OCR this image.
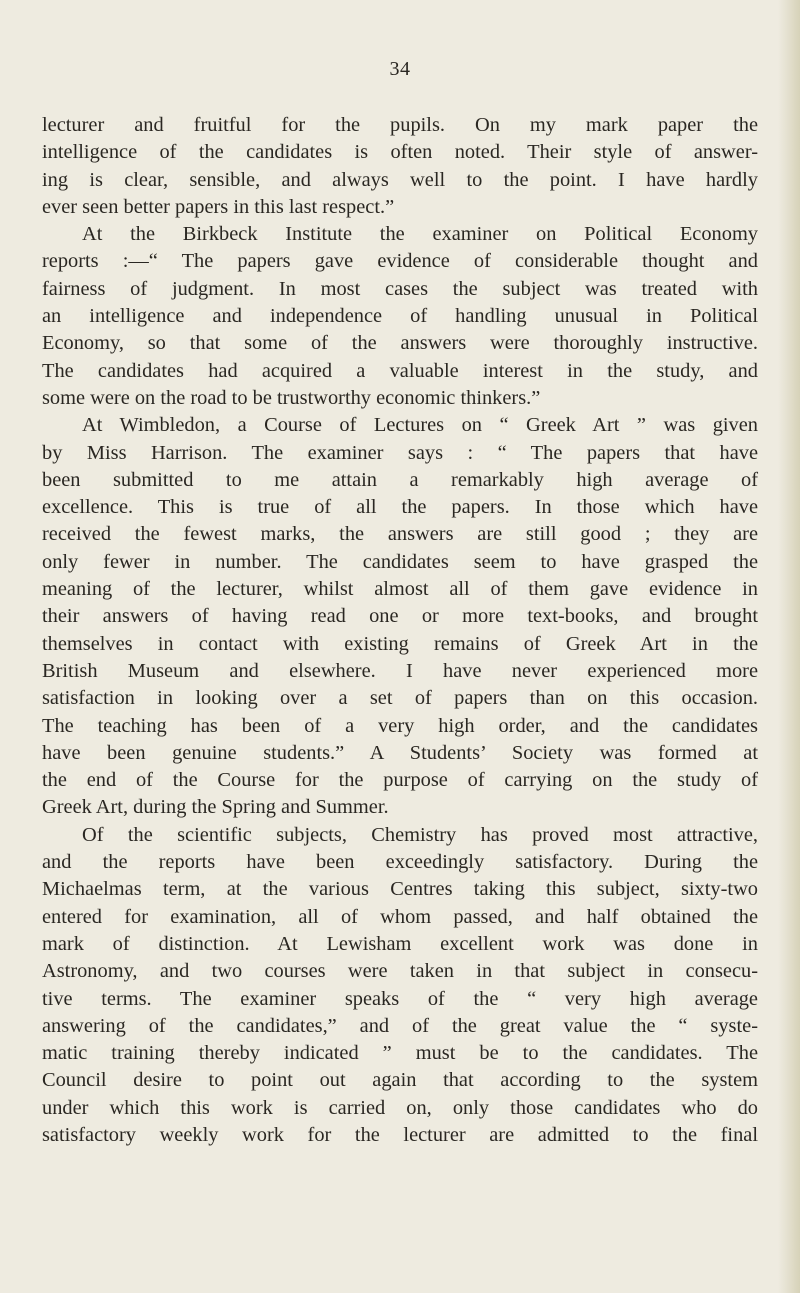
34
lecturer and fruitful for the pupils. On my mark paper the
intelligence of the candidates is often noted. Their style of answer-
ing is clear, sensible, and always well to the point. I have hardly
ever seen better papers in this last respect.”
At the Birkbeck Institute the examiner on Political Economy
reports :—“ The papers gave evidence of considerable thought and
fairness of judgment. In most cases the subject was treated with
an intelligence and independence of handling unusual in Political
Economy, so that some of the answers were thoroughly instructive.
The candidates had acquired a valuable interest in the study, and
some were on the road to be trustworthy economic thinkers.”
At Wimbledon, a Course of Lectures on “ Greek Art ” was given
by Miss Harrison. The examiner says : “ The papers that have
been submitted to me attain a remarkably high average of
excellence. This is true of all the papers. In those which have
received the fewest marks, the answers are still good ; they are
only fewer in number. The candidates seem to have grasped the
meaning of the lecturer, whilst almost all of them gave evidence in
their answers of having read one or more text-books, and brought
themselves in contact with existing remains of Greek Art in the
British Museum and elsewhere. I have never experienced more
satisfaction in looking over a set of papers than on this occasion.
The teaching has been of a very high order, and the candidates
have been genuine students.” A Students’ Society was formed at
the end of the Course for the purpose of carrying on the study of
Greek Art, during the Spring and Summer.
Of the scientific subjects, Chemistry has proved most attractive,
and the reports have been exceedingly satisfactory. During the
Michaelmas term, at the various Centres taking this subject, sixty-two
entered for examination, all of whom passed, and half obtained the
mark of distinction. At Lewisham excellent work was done in
Astronomy, and two courses were taken in that subject in consecu-
tive terms. The examiner speaks of the “ very high average
answering of the candidates,” and of the great value the “ syste-
matic training thereby indicated ” must be to the candidates. The
Council desire to point out again that according to the system
under which this work is carried on, only those candidates who do
satisfactory weekly work for the lecturer are admitted to the final
